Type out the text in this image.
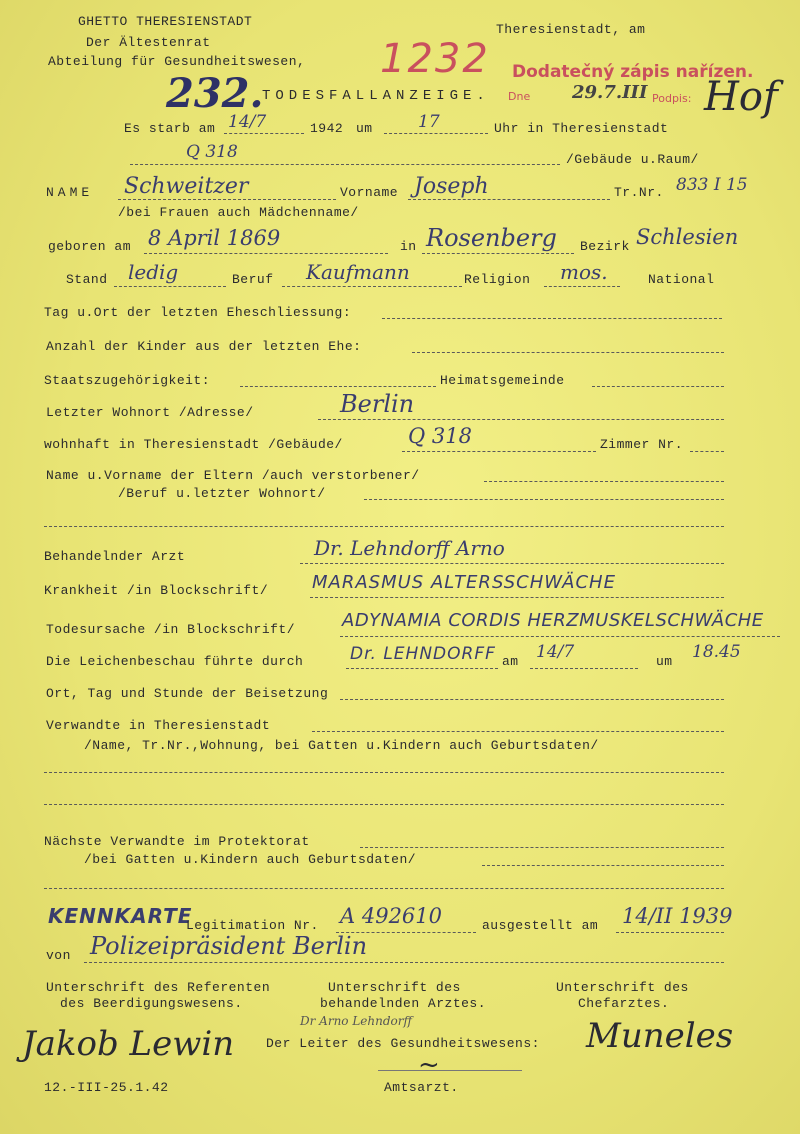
GHETTO THERESIENSTADT
Der Ältestenrat
Abteilung für Gesundheitswesen,
Theresienstadt, am
1232 Dodatečný zápis nařízen.
Dne 29.7.III Podpis: Hof
232.
TODESFALLANZEIGE.
Es starb am 14/7	1942 um	17	Uhr in Theresienstadt
Q 318	/Gebäude u.Raum/
NAME Schweitzer	Vorname Joseph	Tr.Nr. 833 I 15
/bei Frauen auch Mädchenname/
geboren am 8 April 1869	in Rosenberg Bezirk Schlesien
Stand ledig	Beruf Kaufmann	Religion mos.	National
Tag u.Ort der letzten Eheschliessung:
Anzahl der Kinder aus der letzten Ehe:
Staatszugehörigkeit:	Heimatsgemeinde
Letzter Wohnort /Adresse/	Berlin
wohnhaft in Theresienstadt /Gebäude/	Q 318	Zimmer Nr.
Name u.Vorname der Eltern /auch verstorbener/
/Beruf u.letzter Wohnort/
Behandelnder Arzt	Dr. Lehndorff Arno
Krankheit /in Blockschrift/ MARASMUS ALTERSSCHWÄCHE
Todesursache /in Blockschrift/	ADYNAMIA CORDIS HERZMUSKELSCHWÄCHE
Die Leichenbeschau führte durch	Dr. LEHNDORFF am 14/7	um 18.45
Ort, Tag und Stunde der Beisetzung
Verwandte in Theresienstadt
/Name, Tr.Nr.,Wohnung, bei Gatten u.Kindern auch Geburtsdaten/
Nächste Verwandte im Protektorat
/bei Gatten u.Kindern auch Geburtsdaten/
KENNKARTE
Legitimation Nr. A 492610	ausgestellt am 14/II 1939
von Polizeipräsident Berlin
Unterschrift des Referenten
des Beerdigungswesens.
Unterschrift des
behandelnden Arztes.
Unterschrift des
Chefarztes.
Jakob Lewin
Dr Arno Lehndorff
Der Leiter des Gesundheitswesens: Muneles
~
Amtsarzt.
12.-III-25.1.42
